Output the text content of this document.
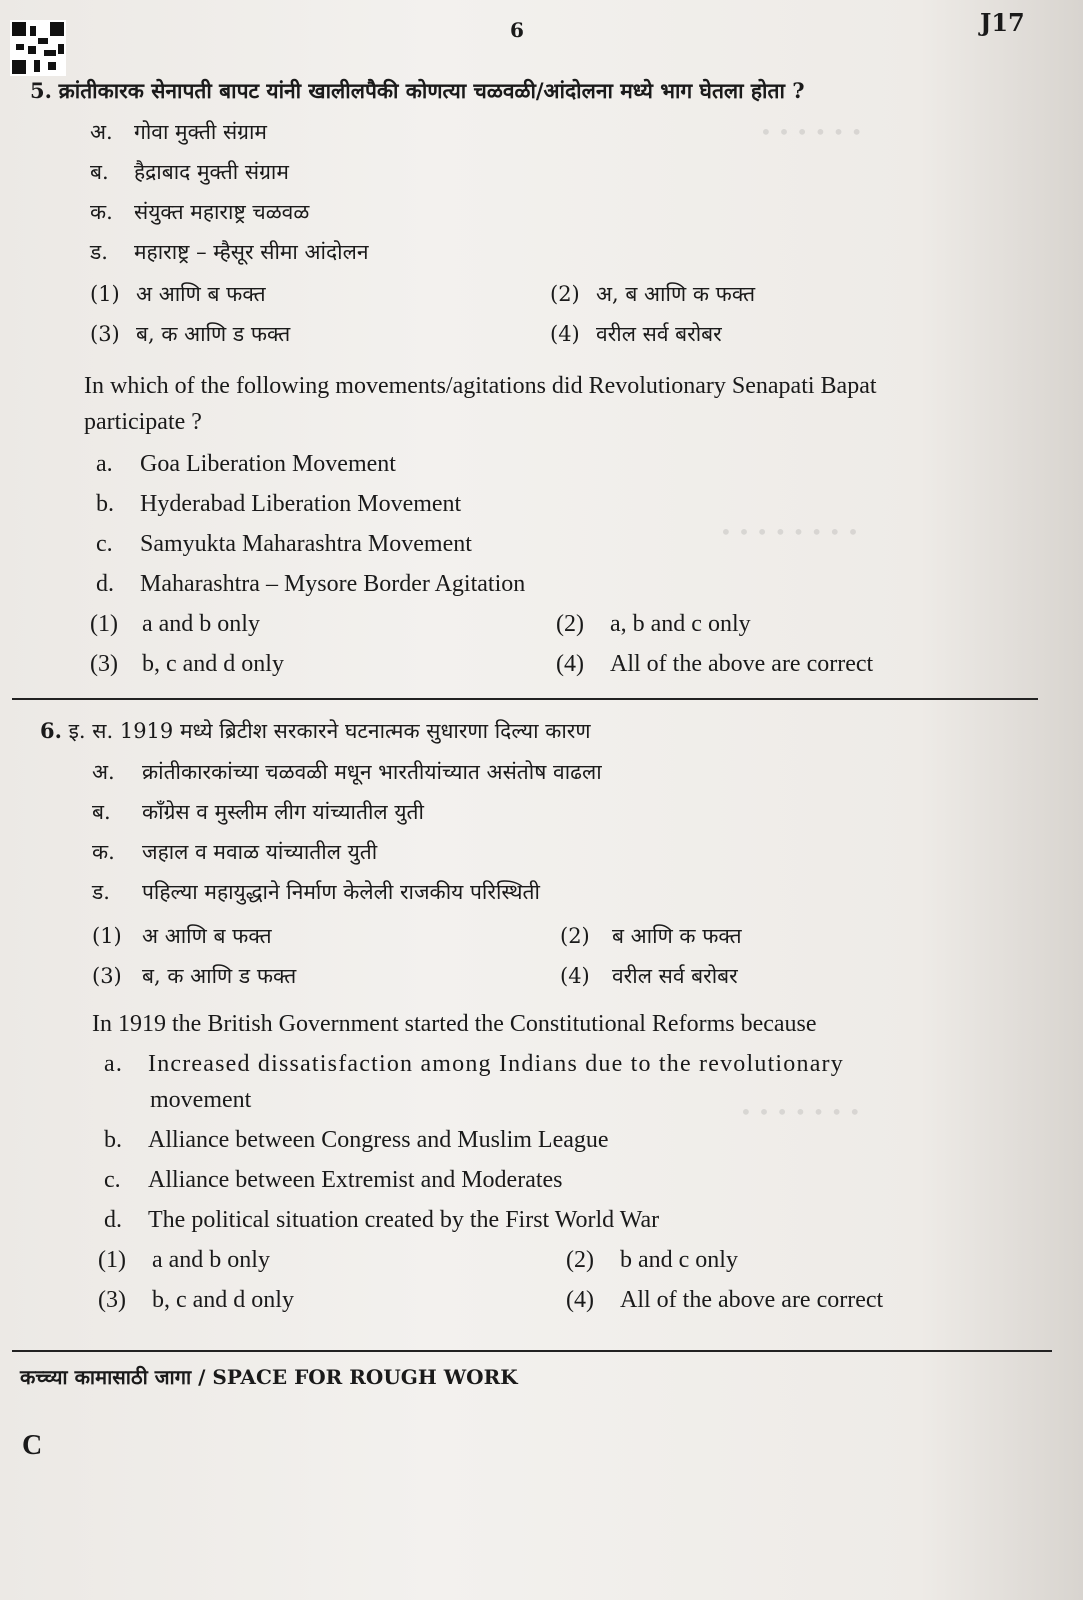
6	J17
• • • • • •
• • • • • • • •
• • • • • • •
5. क्रांतीकारक सेनापती बापट यांनी खालीलपैकी कोणत्या चळवळी/आंदोलना मध्ये भाग घेतला होता ?
अ. गोवा मुक्ती संग्राम
ब. हैद्राबाद मुक्ती संग्राम
क. संयुक्त महाराष्ट्र चळवळ
ड. महाराष्ट्र – म्हैसूर सीमा आंदोलन
(1) अ आणि ब फक्त	(2) अ, ब आणि क फक्त
(3) ब, क आणि ड फक्त	(4) वरील सर्व बरोबर
In which of the following movements/agitations did Revolutionary Senapati Bapat
participate ?
a. Goa Liberation Movement
b. Hyderabad Liberation Movement
c. Samyukta Maharashtra Movement
d. Maharashtra – Mysore Border Agitation
(1) a and b only	(2) a, b and c only
(3) b, c and d only	(4) All of the above are correct
6. इ. स. 1919 मध्ये ब्रिटीश सरकारने घटनात्मक सुधारणा दिल्या कारण
अ. क्रांतीकारकांच्या चळवळी मधून भारतीयांच्यात असंतोष वाढला
ब. काँग्रेस व मुस्लीम लीग यांच्यातील युती
क. जहाल व मवाळ यांच्यातील युती
ड. पहिल्या महायुद्धाने निर्माण केलेली राजकीय परिस्थिती
(1) अ आणि ब फक्त	(2) ब आणि क फक्त
(3) ब, क आणि ड फक्त	(4) वरील सर्व बरोबर
In 1919 the British Government started the Constitutional Reforms because
a. Increased dissatisfaction among Indians due to the revolutionary
movement
b. Alliance between Congress and Muslim League
c. Alliance between Extremist and Moderates
d. The political situation created by the First World War
(1) a and b only	(2) b and c only
(3) b, c and d only	(4) All of the above are correct
कच्च्या कामासाठी जागा / SPACE FOR ROUGH WORK
C
